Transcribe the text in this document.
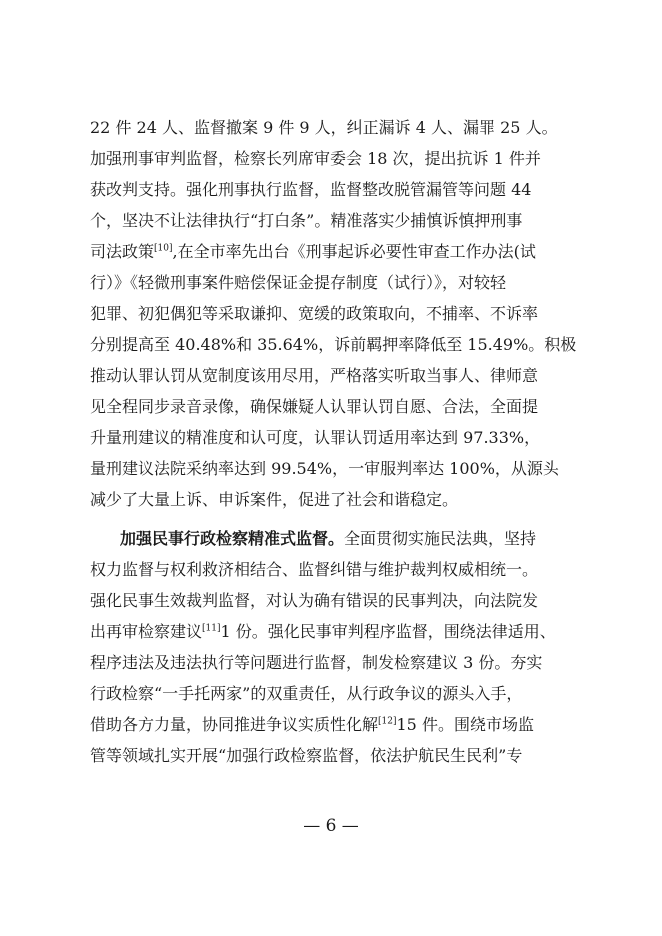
22 件 24 人、监督撤案 9 件 9 人，纠正漏诉 4 人、漏罪 25 人。
加强刑事审判监督，检察长列席审委会 18 次，提出抗诉 1 件并
获改判支持。强化刑事执行监督，监督整改脱管漏管等问题 44
个，坚决不让法律执行“打白条”。精准落实少捕慎诉慎押刑事
司法政策[10],在全市率先出台《刑事起诉必要性审查工作办法(试
行）》《轻微刑事案件赔偿保证金提存制度（试行）》，对较轻
犯罪、初犯偶犯等采取谦抑、宽缓的政策取向，不捕率、不诉率
分别提高至 40.48%和 35.64%，诉前羁押率降低至 15.49%。积极
推动认罪认罚从宽制度该用尽用，严格落实听取当事人、律师意
见全程同步录音录像，确保嫌疑人认罪认罚自愿、合法，全面提
升量刑建议的精准度和认可度，认罪认罚适用率达到 97.33%，
量刑建议法院采纳率达到 99.54%，一审服判率达 100%，从源头
减少了大量上诉、申诉案件，促进了社会和谐稳定。
加强民事行政检察精准式监督。全面贯彻实施民法典，坚持
权力监督与权利救济相结合、监督纠错与维护裁判权威相统一。
强化民事生效裁判监督，对认为确有错误的民事判决，向法院发
出再审检察建议[11]1 份。强化民事审判程序监督，围绕法律适用、
程序违法及违法执行等问题进行监督，制发检察建议 3 份。夯实
行政检察“一手托两家”的双重责任，从行政争议的源头入手，
借助各方力量，协同推进争议实质性化解[12]15 件。围绕市场监
管等领域扎实开展“加强行政检察监督，依法护航民生民利”专
— 6 —
